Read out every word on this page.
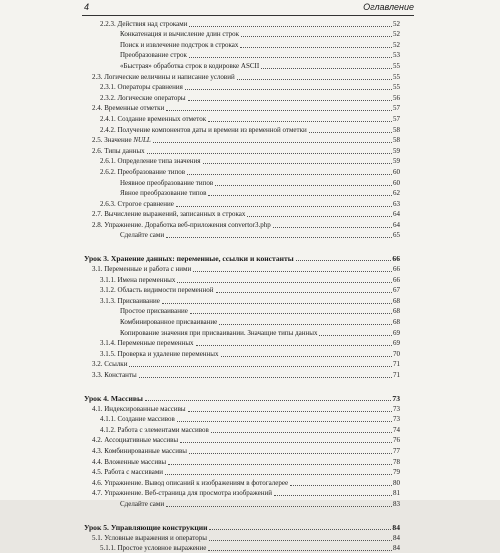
4	Оглавление
2.2.3. Действия над строками	52
Конкатенация и вычисление длин строк	52
Поиск и извлечение подстрок в строках	52
Преобразование строк	53
«Быстрая» обработка строк в кодировке ASCII	55
2.3. Логические величины и написание условий	55
2.3.1. Операторы сравнения	55
2.3.2. Логические операторы	56
2.4. Временные отметки	57
2.4.1. Создание временных отметок	57
2.4.2. Получение компонентов даты и времени из временной отметки	58
2.5. Значение NULL	58
2.6. Типы данных	59
2.6.1. Определение типа значения	59
2.6.2. Преобразование типов	60
Неявное преобразование типов	60
Явное преобразование типов	62
2.6.3. Строгое сравнение	63
2.7. Вычисление выражений, записанных в строках	64
2.8. Упражнение. Доработка веб-приложения convertor3.php	64
Сделайте сами	65
Урок 3. Хранение данных: переменные, ссылки и константы	66
3.1. Переменные и работа с ними	66
3.1.1. Имена переменных	66
3.1.2. Область видимости переменной	67
3.1.3. Присваивание	68
Простое присваивание	68
Комбинированное присваивание	68
Копирование значения при присваивании. Значащие типы данных	69
3.1.4. Переменные переменных	69
3.1.5. Проверка и удаление переменных	70
3.2. Ссылки	71
3.3. Константы	71
Урок 4. Массивы	73
4.1. Индексированные массивы	73
4.1.1. Создание массивов	73
4.1.2. Работа с элементами массивов	74
4.2. Ассоциативные массивы	76
4.3. Комбинированные массивы	77
4.4. Вложенные массивы	78
4.5. Работа с массивами	79
4.6. Упражнение. Вывод описаний к изображениям в фотогалерее	80
4.7. Упражнение. Веб-страница для просмотра изображений	81
Сделайте сами	83
Урок 5. Управляющие конструкции	84
5.1. Условные выражения и операторы	84
5.1.1. Простое условное выражение	84
